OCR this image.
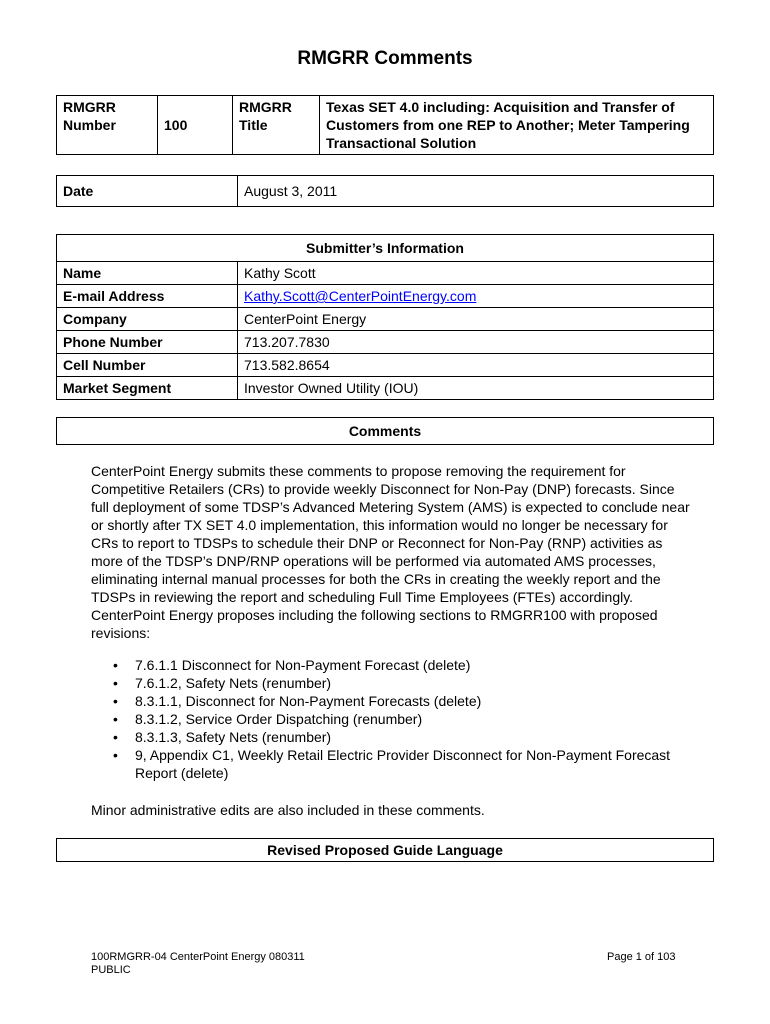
RMGRR Comments
RMGRR Number	100	RMGRR Title	Texas SET 4.0 including: Acquisition and Transfer of Customers from one REP to Another; Meter Tampering Transactional Solution
Date	August 3, 2011
Submitter’s Information	
Name	Kathy Scott
E-mail Address	Kathy.Scott@CenterPointEnergy.com
Company	CenterPoint Energy
Phone Number	713.207.7830
Cell Number	713.582.8654
Market Segment	Investor Owned Utility (IOU)
Comments
CenterPoint Energy submits these comments to propose removing the requirement for Competitive Retailers (CRs) to provide weekly Disconnect for Non-Pay (DNP) forecasts. Since full deployment of some TDSP’s Advanced Metering System (AMS) is expected to conclude near or shortly after TX SET 4.0 implementation, this information would no longer be necessary for CRs to report to TDSPs to schedule their DNP or Reconnect for Non-Pay (RNP) activities as more of the TDSP’s DNP/RNP operations will be performed via automated AMS processes, eliminating internal manual processes for both the CRs in creating the weekly report and the TDSPs in reviewing the report and scheduling Full Time Employees (FTEs) accordingly. CenterPoint Energy proposes including the following sections to RMGRR100 with proposed revisions:
• 7.6.1.1 Disconnect for Non-Payment Forecast (delete)
• 7.6.1.2, Safety Nets (renumber)
• 8.3.1.1, Disconnect for Non-Payment Forecasts (delete)
• 8.3.1.2, Service Order Dispatching (renumber)
• 8.3.1.3, Safety Nets (renumber)
• 9, Appendix C1, Weekly Retail Electric Provider Disconnect for Non-Payment Forecast Report (delete)
Minor administrative edits are also included in these comments.
Revised Proposed Guide Language
100RMGRR-04 CenterPoint Energy 080311
PUBLIC
Page 1 of 103
